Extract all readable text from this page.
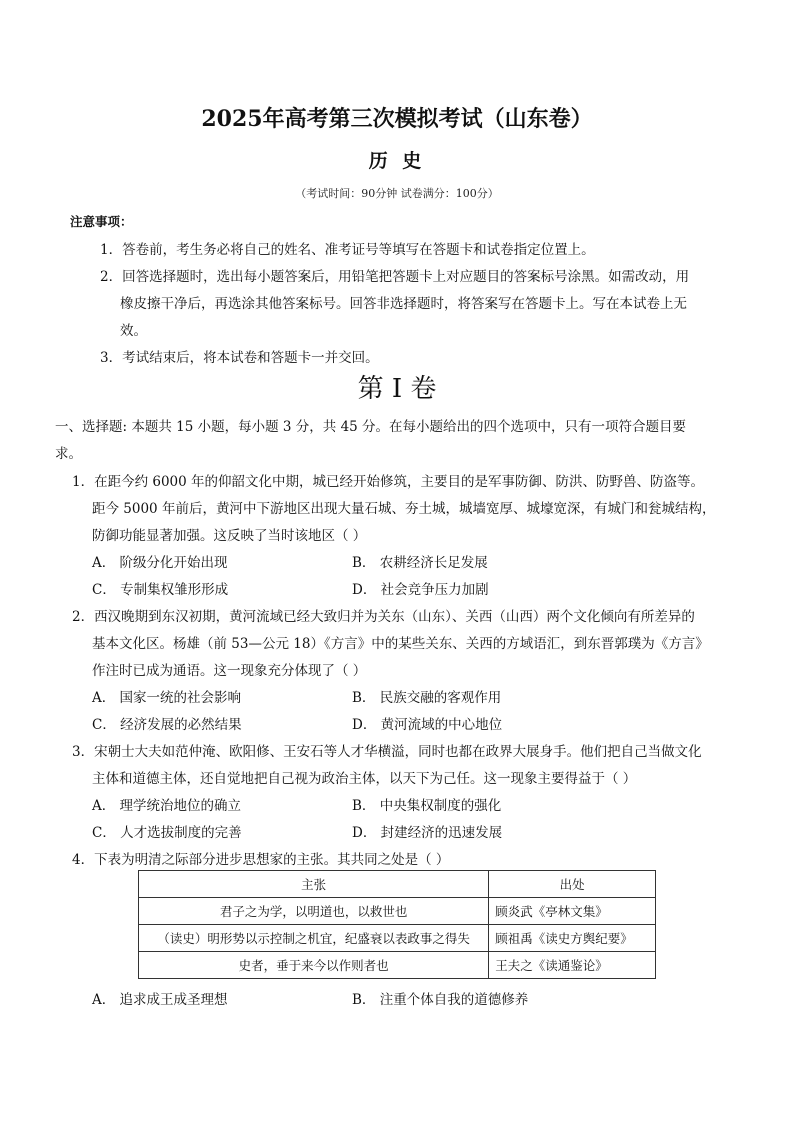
2025年高考第三次模拟考试（山东卷）
历 史
（考试时间：90分钟 试卷满分：100分）
注意事项：
1．答卷前，考生务必将自己的姓名、准考证号等填写在答题卡和试卷指定位置上。
2．回答选择题时，选出每小题答案后，用铅笔把答题卡上对应题目的答案标号涂黑。如需改动，用
橡皮擦干净后，再选涂其他答案标号。回答非选择题时，将答案写在答题卡上。写在本试卷上无
效。
3．考试结束后，将本试卷和答题卡一并交回。
第 I 卷
一、选择题: 本题共 15 小题，每小题 3 分，共 45 分。在每小题给出的四个选项中，只有一项符合题目要
求。
1．在距今约 6000 年的仰韶文化中期，城已经开始修筑，主要目的是军事防御、防洪、防野兽、防盗等。
距今 5000 年前后，黄河中下游地区出现大量石城、夯土城，城墙宽厚、城壕宽深，有城门和瓮城结构，
防御功能显著加强。这反映了当时该地区（ ）
A． 阶级分化开始出现	B． 农耕经济长足发展
C． 专制集权雏形形成	D． 社会竞争压力加剧
2．西汉晚期到东汉初期，黄河流域已经大致归并为关东（山东）、关西（山西）两个文化倾向有所差异的
基本文化区。杨雄（前 53—公元 18）《方言》中的某些关东、关西的方域语汇，到东晋郭璞为《方言》
作注时已成为通语。这一现象充分体现了（ ）
A． 国家一统的社会影响	B． 民族交融的客观作用
C． 经济发展的必然结果	D． 黄河流域的中心地位
3．宋朝士大夫如范仲淹、欧阳修、王安石等人才华横溢，同时也都在政界大展身手。他们把自己当做文化
主体和道德主体，还自觉地把自己视为政治主体，以天下为己任。这一现象主要得益于（ ）
A． 理学统治地位的确立	B． 中央集权制度的强化
C． 人才选拔制度的完善	D． 封建经济的迅速发展
4．下表为明清之际部分进步思想家的主张。其共同之处是（ ）
主张	出处
君子之为学，以明道也，以救世也	顾炎武《亭林文集》
（读史）明形势以示控制之机宜，纪盛衰以表政事之得失	顾祖禹《读史方舆纪要》
史者，垂于来今以作则者也	王夫之《读通鉴论》
A． 追求成王成圣理想	B． 注重个体自我的道德修养
